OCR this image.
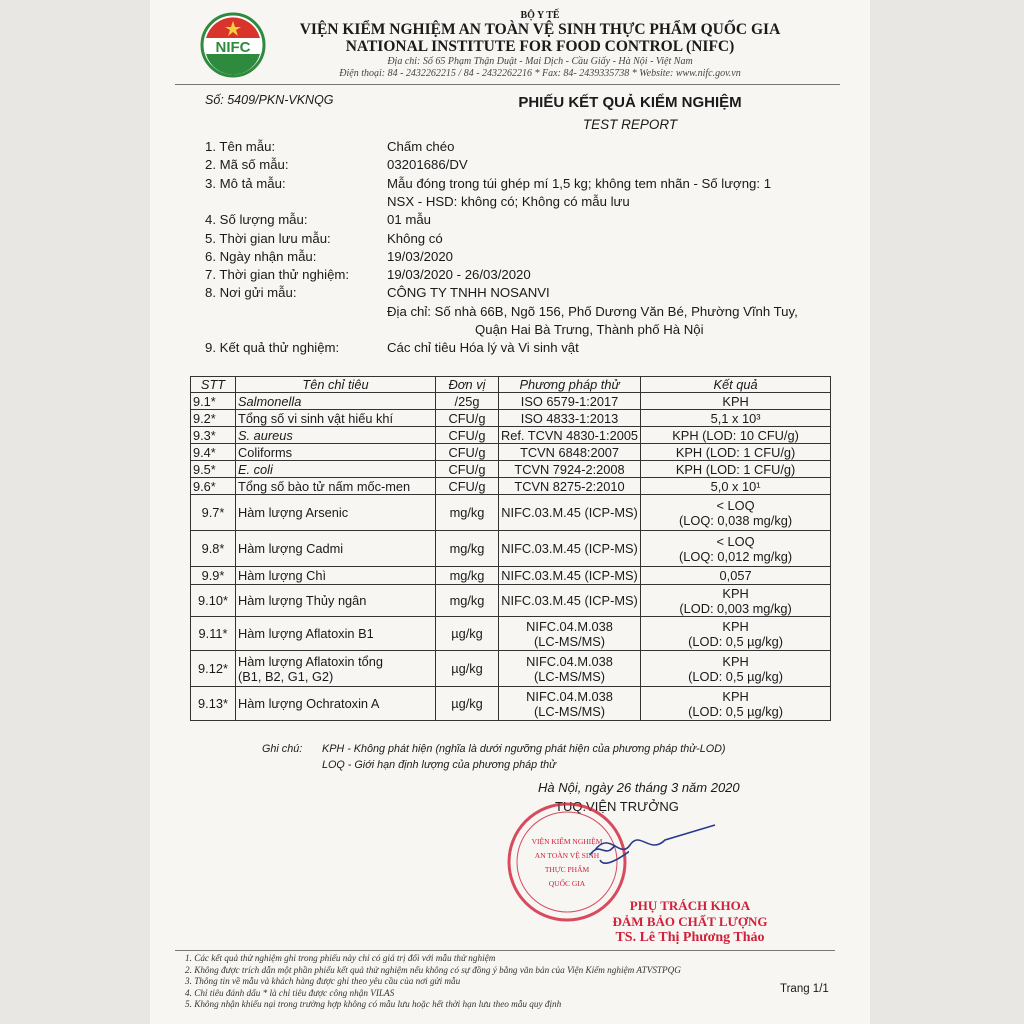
NIFC
BỘ Y TẾ
VIỆN KIỂM NGHIỆM AN TOÀN VỆ SINH THỰC PHẨM QUỐC GIA
NATIONAL INSTITUTE FOR FOOD CONTROL (NIFC)
Địa chỉ: Số 65 Phạm Thận Duật - Mai Dịch - Cầu Giấy - Hà Nội - Việt Nam
Điện thoại: 84 - 2432262215 / 84 - 2432262216 * Fax: 84- 2439335738 * Website: www.nifc.gov.vn
Số: 5409/PKN-VKNQG	PHIẾU KẾT QUẢ KIỂM NGHIỆM
TEST REPORT
1. Tên mẫu:	Chấm chéo
2. Mã số mẫu:	03201686/DV
3. Mô tả mẫu:	Mẫu đóng trong túi ghép mí 1,5 kg; không tem nhãn - Số lượng: 1
NSX - HSD: không có; Không có mẫu lưu
4. Số lượng mẫu:	01 mẫu
5. Thời gian lưu mẫu:	Không có
6. Ngày nhận mẫu:	19/03/2020
7. Thời gian thử nghiệm:	19/03/2020 - 26/03/2020
8. Nơi gửi mẫu:	CÔNG TY TNHH NOSANVI
Địa chỉ: Số nhà 66B, Ngõ 156, Phố Dương Văn Bé, Phường Vĩnh Tuy,
Quận Hai Bà Trưng, Thành phố Hà Nội
9. Kết quả thử nghiệm:	Các chỉ tiêu Hóa lý và Vi sinh vật
STT	Tên chỉ tiêu	Đơn vị	Phương pháp thử	Kết quả
9.1*	Salmonella	/25g	ISO 6579-1:2017	KPH
9.2*	Tổng số vi sinh vật hiếu khí	CFU/g	ISO 4833-1:2013	5,1 x 10³
9.3*	S. aureus	CFU/g	Ref. TCVN 4830-1:2005	KPH (LOD: 10 CFU/g)
9.4*	Coliforms	CFU/g	TCVN 6848:2007	KPH (LOD: 1 CFU/g)
9.5*	E. coli	CFU/g	TCVN 7924-2:2008	KPH (LOD: 1 CFU/g)
9.6*	Tổng số bào tử nấm mốc-men	CFU/g	TCVN 8275-2:2010	5,0 x 10¹
9.7*	Hàm lượng Arsenic	mg/kg	NIFC.03.M.45 (ICP-MS)	< LOQ
(LOQ: 0,038 mg/kg)
9.8*	Hàm lượng Cadmi	mg/kg	NIFC.03.M.45 (ICP-MS)	< LOQ
(LOQ: 0,012 mg/kg)
9.9*	Hàm lượng Chì	mg/kg	NIFC.03.M.45 (ICP-MS)	0,057
9.10*	Hàm lượng Thủy ngân	mg/kg	NIFC.03.M.45 (ICP-MS)	KPH
(LOD: 0,003 mg/kg)
9.11*	Hàm lượng Aflatoxin B1	µg/kg	NIFC.04.M.038
(LC-MS/MS)	KPH
(LOD: 0,5 µg/kg)
9.12*	Hàm lượng Aflatoxin tổng
(B1, B2, G1, G2)	µg/kg	NIFC.04.M.038
(LC-MS/MS)	KPH
(LOD: 0,5 µg/kg)
9.13*	Hàm lượng Ochratoxin A	µg/kg	NIFC.04.M.038
(LC-MS/MS)	KPH
(LOD: 0,5 µg/kg)
Ghi chú: KPH - Không phát hiện (nghĩa là dưới ngưỡng phát hiện của phương pháp thử-LOD)
LOQ - Giới hạn định lượng của phương pháp thử
Hà Nội, ngày 26 tháng 3 năm 2020
TUQ.VIỆN TRƯỞNG
VIỆN KIỂM NGHIỆM
AN TOÀN VỆ SINH
THỰC PHẨM
QUỐC GIA
PHỤ TRÁCH KHOA
ĐẢM BẢO CHẤT LƯỢNG
TS. Lê Thị Phương Thảo
1. Các kết quả thử nghiệm ghi trong phiếu này chỉ có giá trị đối với mẫu thử nghiệm
2. Không được trích dẫn một phần phiếu kết quả thử nghiệm nếu không có sự đồng ý bằng văn bản của Viện Kiểm nghiệm ATVSTPQG
3. Thông tin về mẫu và khách hàng được ghi theo yêu cầu của nơi gửi mẫu
4. Chỉ tiêu đánh dấu * là chỉ tiêu được công nhận VILAS
5. Không nhận khiếu nại trong trường hợp không có mẫu lưu hoặc hết thời hạn lưu theo mẫu quy định
Trang 1/1
